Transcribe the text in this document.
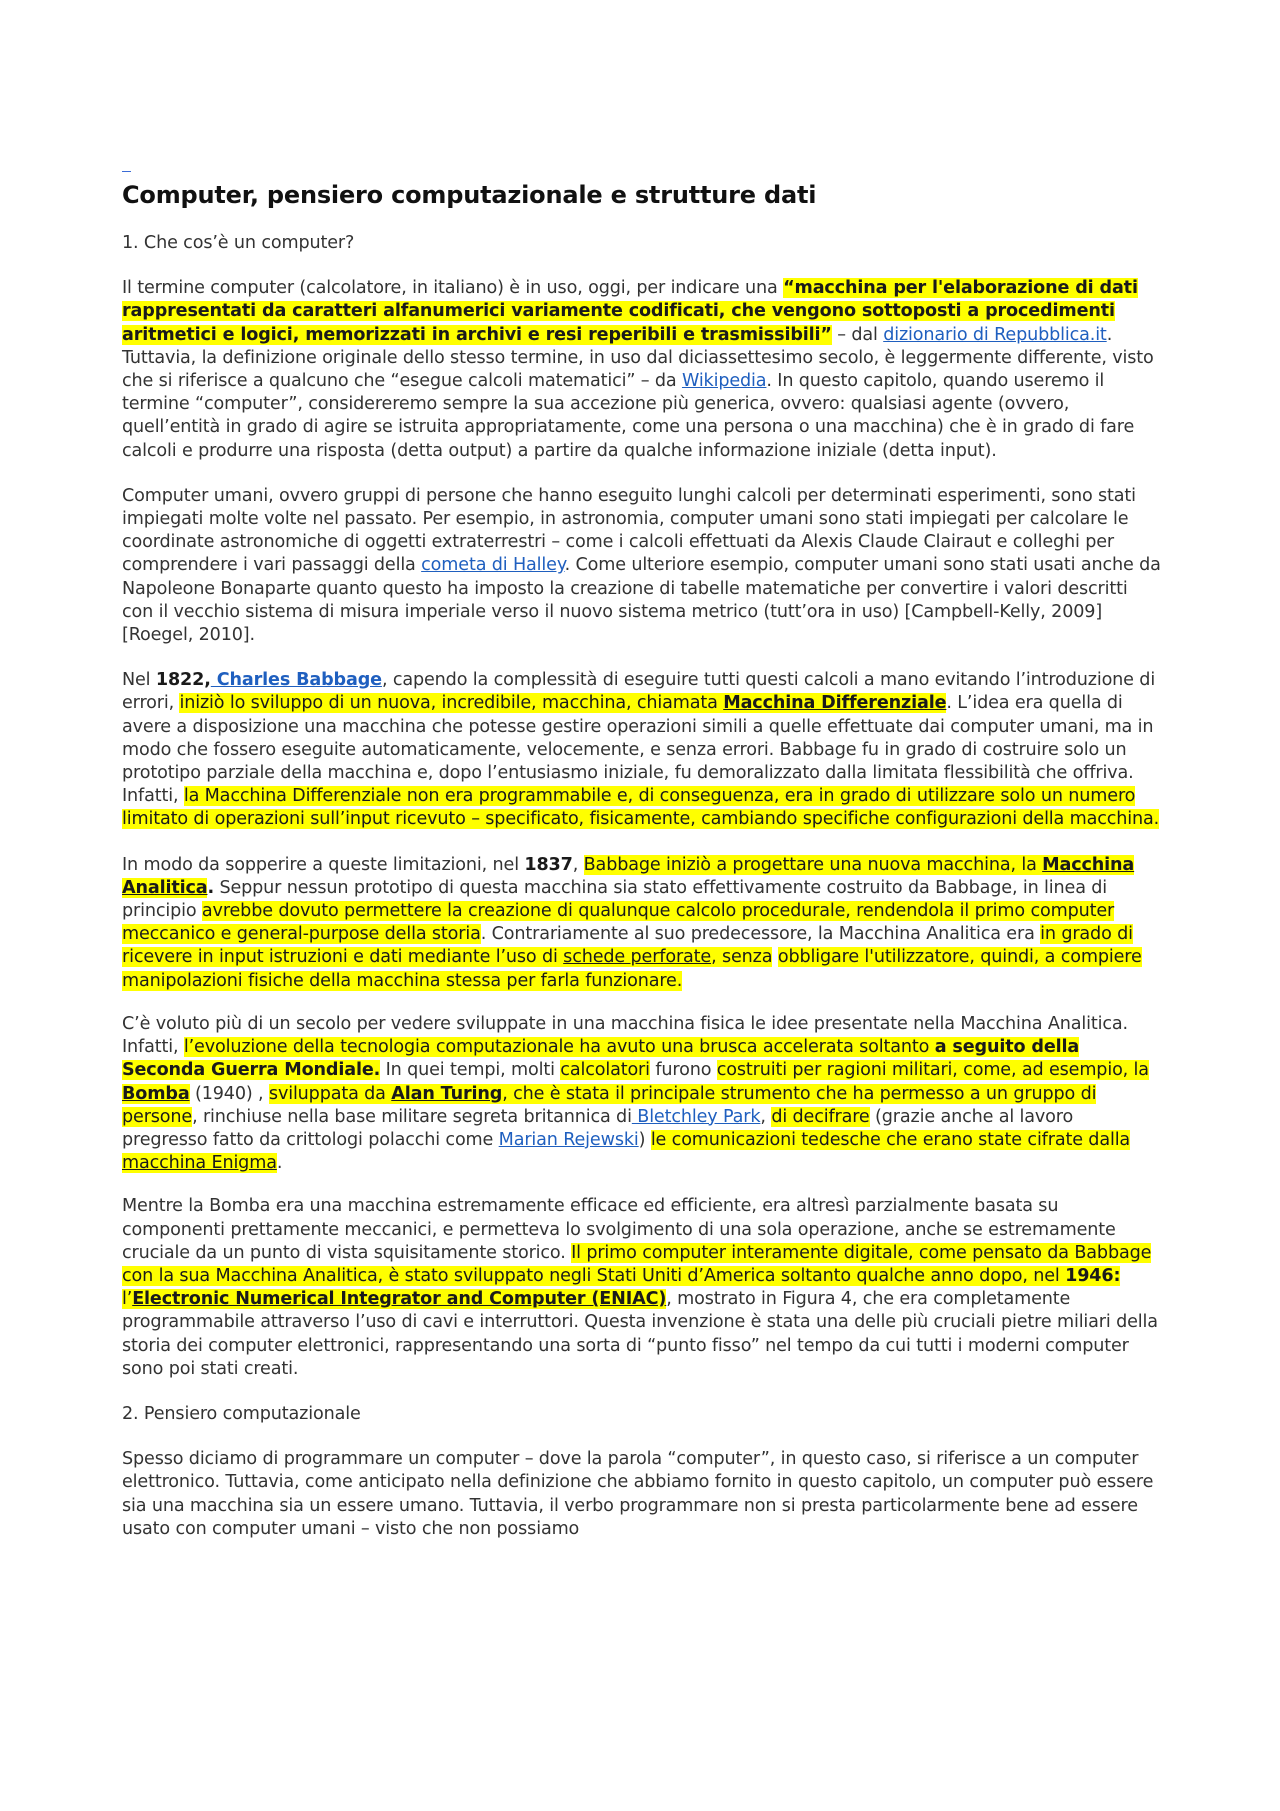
Computer, pensiero computazionale e strutture dati
1. Che cos’è un computer?

Il termine computer (calcolatore, in italiano) è in uso, oggi, per indicare una “macchina per l'elaborazione di dati rappresentati da caratteri alfanumerici variamente codificati, che vengono sottoposti a procedimenti aritmetici e logici, memorizzati in archivi e resi reperibili e trasmissibili” – dal dizionario di Repubblica.it. Tuttavia, la definizione originale dello stesso termine, in uso dal diciassettesimo secolo, è leggermente differente, visto che si riferisce a qualcuno che “esegue calcoli matematici” – da Wikipedia. In questo capitolo, quando useremo il termine “computer”, considereremo sempre la sua accezione più generica, ovvero: qualsiasi agente (ovvero, quell’entità in grado di agire se istruita appropriatamente, come una persona o una macchina) che è in grado di fare calcoli e produrre una risposta (detta output) a partire da qualche informazione iniziale (detta input).

Computer umani, ovvero gruppi di persone che hanno eseguito lunghi calcoli per determinati esperimenti, sono stati impiegati molte volte nel passato. Per esempio, in astronomia, computer umani sono stati impiegati per calcolare le coordinate astronomiche di oggetti extraterrestri – come i calcoli effettuati da Alexis Claude Clairaut e colleghi per comprendere i vari passaggi della cometa di Halley. Come ulteriore esempio, computer umani sono stati usati anche da Napoleone Bonaparte quanto questo ha imposto la creazione di tabelle matematiche per convertire i valori descritti con il vecchio sistema di misura imperiale verso il nuovo sistema metrico (tutt’ora in uso) [Campbell-Kelly, 2009] [Roegel, 2010].

Nel 1822, Charles Babbage, capendo la complessità di eseguire tutti questi calcoli a mano evitando l’introduzione di errori, iniziò lo sviluppo di un nuova, incredibile, macchina, chiamata Macchina Differenziale. L’idea era quella di avere a disposizione una macchina che potesse gestire operazioni simili a quelle effettuate dai computer umani, ma in modo che fossero eseguite automaticamente, velocemente, e senza errori. Babbage fu in grado di costruire solo un prototipo parziale della macchina e, dopo l’entusiasmo iniziale, fu demoralizzato dalla limitata flessibilità che offriva. Infatti, la Macchina Differenziale non era programmabile e, di conseguenza, era in grado di utilizzare solo un numero limitato di operazioni sull’input ricevuto – specificato, fisicamente, cambiando specifiche configurazioni della macchina.

In modo da sopperire a queste limitazioni, nel 1837, Babbage iniziò a progettare una nuova macchina, la Macchina Analitica. Seppur nessun prototipo di questa macchina sia stato effettivamente costruito da Babbage, in linea di principio avrebbe dovuto permettere la creazione di qualunque calcolo procedurale, rendendola il primo computer meccanico e general-purpose della storia. Contrariamente al suo predecessore, la Macchina Analitica era in grado di ricevere in input istruzioni e dati mediante l’uso di schede perforate, senza obbligare l'utilizzatore, quindi, a compiere manipolazioni fisiche della macchina stessa per farla funzionare.

C’è voluto più di un secolo per vedere sviluppate in una macchina fisica le idee presentate nella Macchina Analitica. Infatti, l’evoluzione della tecnologia computazionale ha avuto una brusca accelerata soltanto a seguito della Seconda Guerra Mondiale. In quei tempi, molti calcolatori furono costruiti per ragioni militari, come, ad esempio, la Bomba (1940) , sviluppata da Alan Turing, che è stata il principale strumento che ha permesso a un gruppo di persone, rinchiuse nella base militare segreta britannica di Bletchley Park, di decifrare (grazie anche al lavoro pregresso fatto da crittologi polacchi come Marian Rejewski) le comunicazioni tedesche che erano state cifrate dalla macchina Enigma.

Mentre la Bomba era una macchina estremamente efficace ed efficiente, era altresì parzialmente basata su componenti prettamente meccanici, e permetteva lo svolgimento di una sola operazione, anche se estremamente cruciale da un punto di vista squisitamente storico. Il primo computer interamente digitale, come pensato da Babbage con la sua Macchina Analitica, è stato sviluppato negli Stati Uniti d’America soltanto qualche anno dopo, nel 1946: l’Electronic Numerical Integrator and Computer (ENIAC), mostrato in Figura 4, che era completamente programmabile attraverso l’uso di cavi e interruttori. Questa invenzione è stata una delle più cruciali pietre miliari della storia dei computer elettronici, rappresentando una sorta di “punto fisso” nel tempo da cui tutti i moderni computer sono poi stati creati.

2. Pensiero computazionale

Spesso diciamo di programmare un computer – dove la parola “computer”, in questo caso, si riferisce a un computer elettronico. Tuttavia, come anticipato nella definizione che abbiamo fornito in questo capitolo, un computer può essere sia una macchina sia un essere umano. Tuttavia, il verbo programmare non si presta particolarmente bene ad essere usato con computer umani – visto che non possiamo
